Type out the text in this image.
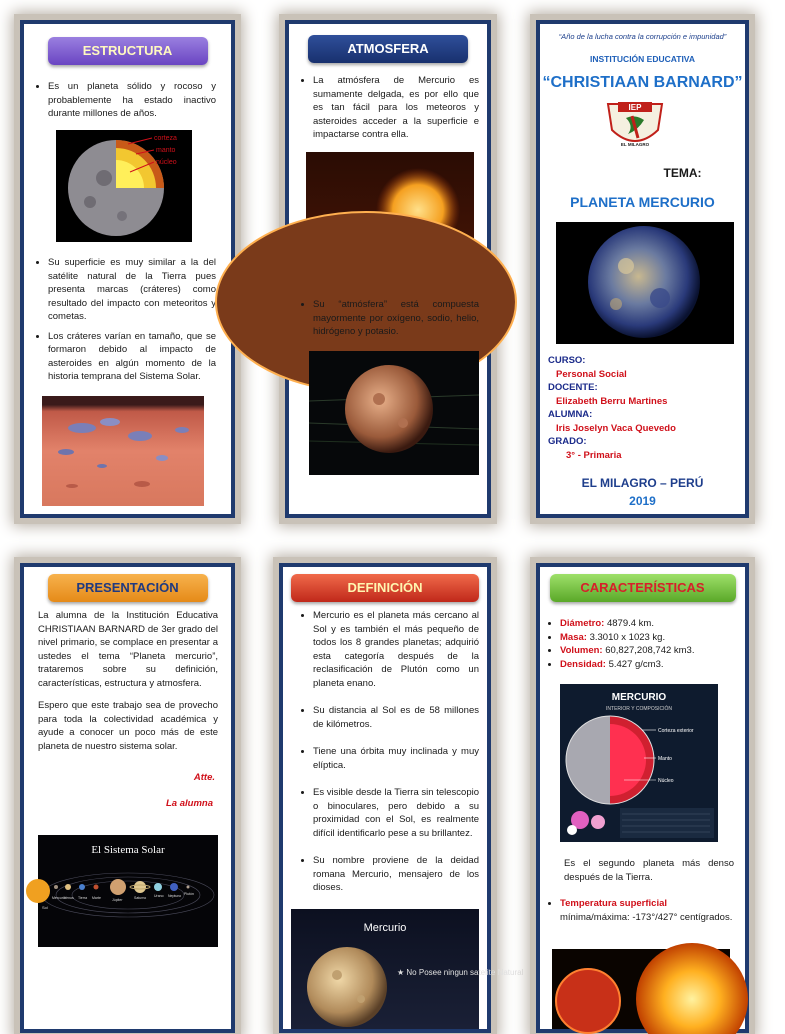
ESTRUCTURA
• Es un planeta sólido y rocoso y probablemente ha estado inactivo durante millones de años.
corteza
manto
núcleo
• Su superficie es muy similar a la del satélite natural de la Tierra pues presenta marcas (cráteres) como resultado del impacto con meteoritos y cometas.
• Los cráteres varían en tamaño, que se formaron debido al impacto de asteroides en algún momento de la historia temprana del Sistema Solar.
ATMOSFERA
• La atmósfera de Mercurio es sumamente delgada, es por ello que es tan fácil para los meteoros y asteroides acceder a la superficie e impactarse contra ella.
• Su “atmósfera” está compuesta mayormente por oxígeno, sodio, helio, hidrógeno y potasio.
“Año de la lucha contra la corrupción e impunidad”
INSTITUCIÓN EDUCATIVA
“CHRISTIAAN BARNARD”
IEP
EL MILAGRO
TEMA:
PLANETA MERCURIO
CURSO:
Personal Social
DOCENTE:
Elizabeth Berru Martines
ALUMNA:
Iris Joselyn Vaca Quevedo
GRADO:
3° - Primaria
EL MILAGRO – PERÚ
2019
PRESENTACIÓN
La alumna de la Institución Educativa CHRISTIAAN BARNARD de 3er grado del nivel primario, se complace en presentar a ustedes el tema “Planeta mercurio”, trataremos sobre su definición, características, estructura y atmosfera.
Espero que este trabajo sea de provecho para toda la colectividad académica y ayude a conocer un poco más de este planeta de nuestro sistema solar.
Atte.
La alumna
El Sistema Solar
Sol
Mercurio
Venus Tierra Marte	Júpiter	Saturno Urano Neptuno Plutón
DEFINICIÓN
• Mercurio es el planeta más cercano al Sol y es también el más pequeño de todos los 8 grandes planetas; adquirió esta categoría después de la reclasificación de Plutón como un planeta enano.
• Su distancia al Sol es de 58 millones de kilómetros.
• Tiene una órbita muy inclinada y muy elíptica.
• Es visible desde la Tierra sin telescopio o binoculares, pero debido a su proximidad con el Sol, es realmente difícil identificarlo pese a su brillantez.
• Su nombre proviene de la deidad romana Mercurio, mensajero de los dioses.
Mercurio
★ No Posee ningun satelite Natural
CARACTERÍSTICAS
• Diámetro: 4879.4 km.
• Masa: 3.3010 x 1023 kg.
• Volumen: 60,827,208,742 km3.
• Densidad: 5.427 g/cm3.
MERCURIO
INTERIOR Y COMPOSICIÓN
Corteza exterior
Manto
Núcleo
Es el segundo planeta más denso después de la Tierra.
• Temperatura superficial
mínima/máxima: -173°/427° centígrados.
